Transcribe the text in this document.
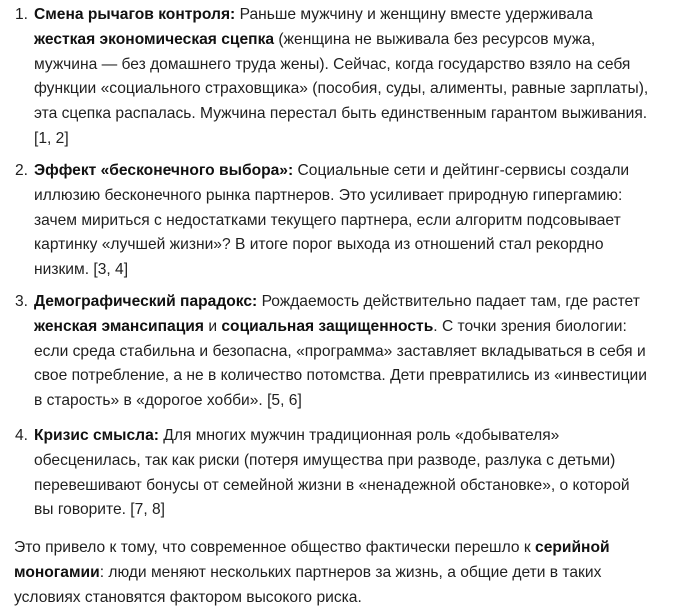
1. Смена рычагов контроля: Раньше мужчину и женщину вместе удерживала
жесткая экономическая сцепка (женщина не выживала без ресурсов мужа,
мужчина — без домашнего труда жены). Сейчас, когда государство взяло на себя
функции «социального страховщика» (пособия, суды, алименты, равные зарплаты),
эта сцепка распалась. Мужчина перестал быть единственным гарантом выживания.
[1, 2]
2. Эффект «бесконечного выбора»: Социальные сети и дейтинг-сервисы создали
иллюзию бесконечного рынка партнеров. Это усиливает природную гипергамию:
зачем мириться с недостатками текущего партнера, если алгоритм подсовывает
картинку «лучшей жизни»? В итоге порог выхода из отношений стал рекордно
низким. [3, 4]
3. Демографический парадокс: Рождаемость действительно падает там, где растет
женская эмансипация и социальная защищенность. С точки зрения биологии:
если среда стабильна и безопасна, «программа» заставляет вкладываться в себя и
свое потребление, а не в количество потомства. Дети превратились из «инвестиции
в старость» в «дорогое хобби». [5, 6]
4. Кризис смысла: Для многих мужчин традиционная роль «добывателя»
обесценилась, так как риски (потеря имущества при разводе, разлука с детьми)
перевешивают бонусы от семейной жизни в «ненадежной обстановке», о которой
вы говорите. [7, 8]

Это привело к тому, что современное общество фактически перешло к серийной
моногамии: люди меняют нескольких партнеров за жизнь, а общие дети в таких
условиях становятся фактором высокого риска.
